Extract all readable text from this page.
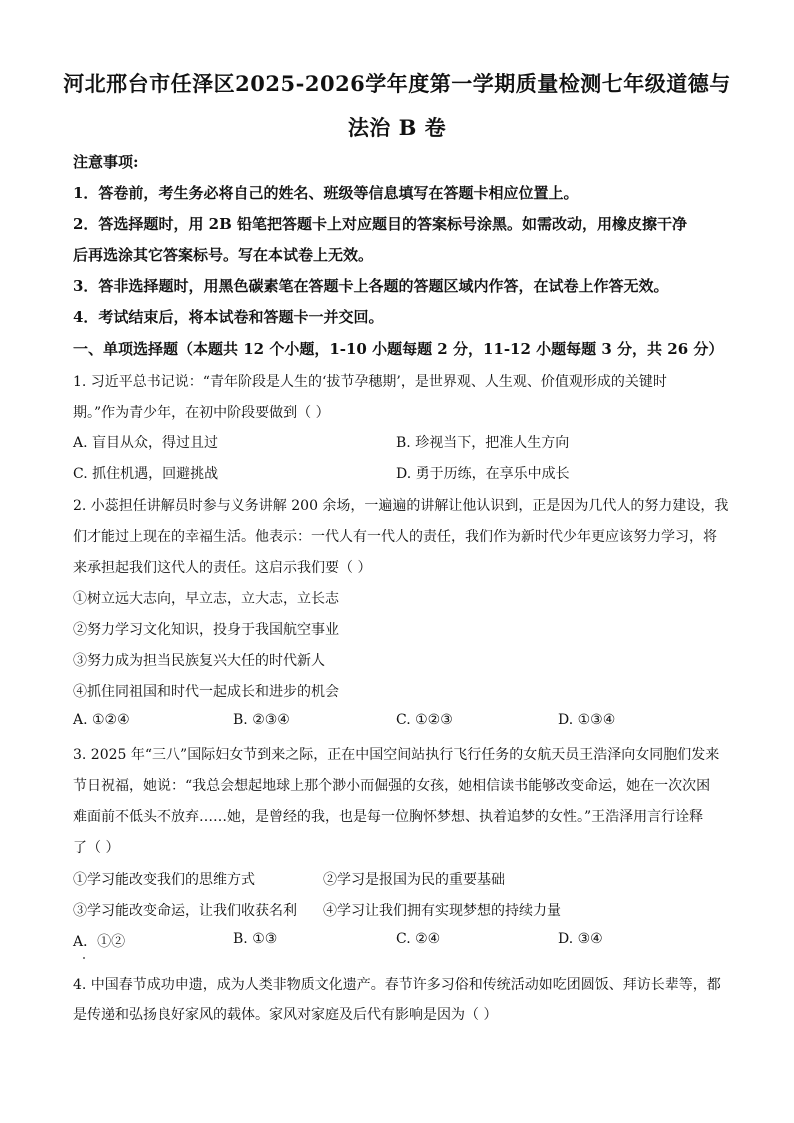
河北邢台市任泽区2025-2026学年度第一学期质量检测七年级道德与
法治 B 卷
注意事项:
1．答卷前，考生务必将自己的姓名、班级等信息填写在答题卡相应位置上。
2．答选择题时，用 2B 铅笔把答题卡上对应题目的答案标号涂黑。如需改动，用橡皮擦干净
后再选涂其它答案标号。写在本试卷上无效。
3．答非选择题时，用黑色碳素笔在答题卡上各题的答题区域内作答，在试卷上作答无效。
4．考试结束后，将本试卷和答题卡一并交回。
一、单项选择题（本题共 12 个小题，1-10 小题每题 2 分，11-12 小题每题 3 分，共 26 分）
1. 习近平总书记说：“青年阶段是人生的‘拔节孕穗期’，是世界观、人生观、价值观形成的关键时
期。”作为青少年，在初中阶段要做到（ ）
A. 盲目从众，得过且过	B. 珍视当下，把准人生方向
C. 抓住机遇，回避挑战	D. 勇于历练，在享乐中成长
2. 小蕊担任讲解员时参与义务讲解 200 余场，一遍遍的讲解让他认识到，正是因为几代人的努力建设，我
们才能过上现在的幸福生活。他表示：一代人有一代人的责任，我们作为新时代少年更应该努力学习，将
来承担起我们这代人的责任。这启示我们要（ ）
①树立远大志向，早立志，立大志，立长志
②努力学习文化知识，投身于我国航空事业
③努力成为担当民族复兴大任的时代新人
④抓住同祖国和时代一起成长和进步的机会
A. ①②④	B. ②③④	C. ①②③	D. ①③④
3. 2025 年“三八”国际妇女节到来之际，正在中国空间站执行飞行任务的女航天员王浩泽向女同胞们发来
节日祝福，她说：“我总会想起地球上那个渺小而倔强的女孩，她相信读书能够改变命运，她在一次次困
难面前不低头不放弃……她，是曾经的我，也是每一位胸怀梦想、执着追梦的女性。”王浩泽用言行诠释
了（ ）
①学习能改变我们的思维方式	②学习是报国为民的重要基础
③学习能改变命运，让我们收获名利 ④学习让我们拥有实现梦想的持续力量
A．①②	B. ①③	C. ②④	D. ③④
4. 中国春节成功申遗，成为人类非物质文化遗产。春节许多习俗和传统活动如吃团圆饭、拜访长辈等，都
是传递和弘扬良好家风的载体。家风对家庭及后代有影响是因为（ ）
